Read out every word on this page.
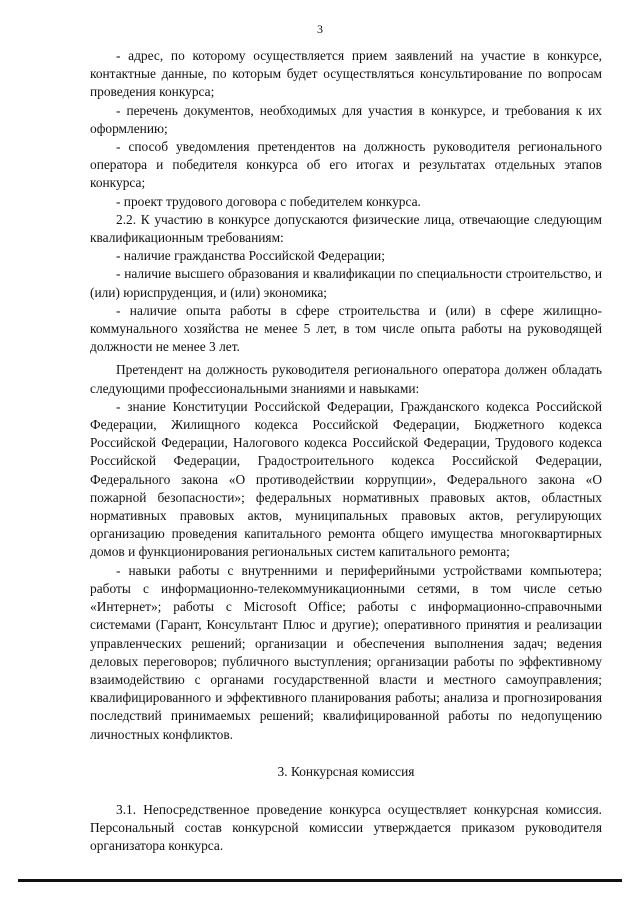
3

- адрес, по которому осуществляется прием заявлений на участие в конкурсе, контактные данные, по которым будет осуществляться консультирование по вопросам проведения конкурса;

- перечень документов, необходимых для участия в конкурсе, и требования к их оформлению;

- способ уведомления претендентов на должность руководителя регионального оператора и победителя конкурса об его итогах и результатах отдельных этапов конкурса;

- проект трудового договора с победителем конкурса.

2.2. К участию в конкурсе допускаются физические лица, отвечающие следующим квалификационным требованиям:

- наличие гражданства Российской Федерации;

- наличие высшего образования и квалификации по специальности строительство, и (или) юриспруденция, и (или) экономика;

- наличие опыта работы в сфере строительства и (или) в сфере жилищно-коммунального хозяйства не менее 5 лет, в том числе опыта работы на руководящей должности не менее 3 лет.

Претендент на должность руководителя регионального оператора должен обладать следующими профессиональными знаниями и навыками:

- знание Конституции Российской Федерации, Гражданского кодекса Российской Федерации, Жилищного кодекса Российской Федерации, Бюджетного кодекса Российской Федерации, Налогового кодекса Российской Федерации, Трудового кодекса Российской Федерации, Градостроительного кодекса Российской Федерации, Федерального закона «О противодействии коррупции», Федерального закона «О пожарной безопасности»; федеральных нормативных правовых актов, областных нормативных правовых актов, муниципальных правовых актов, регулирующих организацию проведения капитального ремонта общего имущества многоквартирных домов и функционирования региональных систем капитального ремонта;

- навыки работы с внутренними и периферийными устройствами компьютера; работы с информационно-телекоммуникационными сетями, в том числе сетью «Интернет»; работы с Microsoft Office; работы с информационно-справочными системами (Гарант, Консультант Плюс и другие); оперативного принятия и реализации управленческих решений; организации и обеспечения выполнения задач; ведения деловых переговоров; публичного выступления; организации работы по эффективному взаимодействию с органами государственной власти и местного самоуправления; квалифицированного и эффективного планирования работы; анализа и прогнозирования последствий принимаемых решений; квалифицированной работы по недопущению личностных конфликтов.

3. Конкурсная комиссия

3.1. Непосредственное проведение конкурса осуществляет конкурсная комиссия. Персональный состав конкурсной комиссии утверждается приказом руководителя организатора конкурса.
